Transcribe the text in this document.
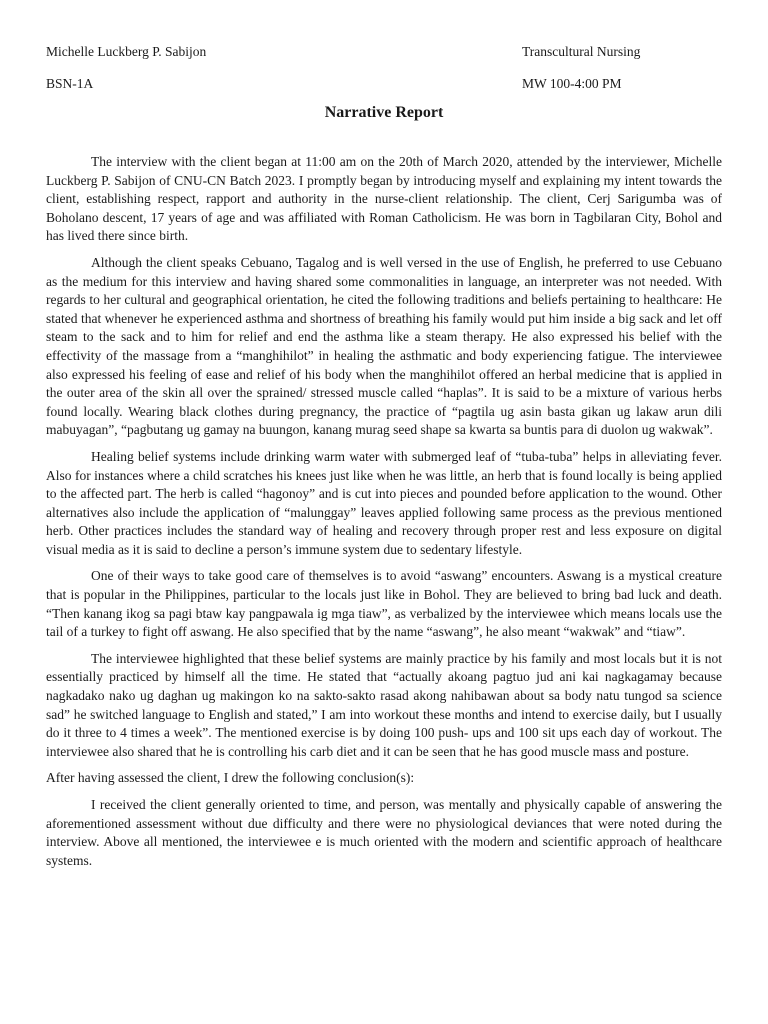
Michelle Luckberg P. Sabijon	Transcultural Nursing
BSN-1A	MW 100-4:00 PM
Narrative Report

The interview with the client began at 11:00 am on the 20th of March 2020, attended by the interviewer, Michelle Luckberg P. Sabijon of CNU-CN Batch 2023. I promptly began by introducing myself and explaining my intent towards the client, establishing respect, rapport and authority in the nurse-client relationship. The client, Cerj Sarigumba was of Boholano descent, 17 years of age and was affiliated with Roman Catholicism. He was born in Tagbilaran City, Bohol and has lived there since birth.

Although the client speaks Cebuano, Tagalog and is well versed in the use of English, he preferred to use Cebuano as the medium for this interview and having shared some commonalities in language, an interpreter was not needed. With regards to her cultural and geographical orientation, he cited the following traditions and beliefs pertaining to healthcare: He stated that whenever he experienced asthma and shortness of breathing his family would put him inside a big sack and let off steam to the sack and to him for relief and end the asthma like a steam therapy. He also expressed his belief with the effectivity of the massage from a “manghihilot” in healing the asthmatic and body experiencing fatigue. The interviewee also expressed his feeling of ease and relief of his body when the manghihilot offered an herbal medicine that is applied in the outer area of the skin all over the sprained/ stressed muscle called “haplas”. It is said to be a mixture of various herbs found locally. Wearing black clothes during pregnancy, the practice of “pagtila ug asin basta gikan ug lakaw arun dili mabuyagan”, “pagbutang ug gamay na buungon, kanang murag seed shape sa kwarta sa buntis para di duolon ug wakwak”.

Healing belief systems include drinking warm water with submerged leaf of “tuba-tuba” helps in alleviating fever. Also for instances where a child scratches his knees just like when he was little, an herb that is found locally is being applied to the affected part. The herb is called “hagonoy” and is cut into pieces and pounded before application to the wound. Other alternatives also include the application of “malunggay” leaves applied following same process as the previous mentioned herb. Other practices includes the standard way of healing and recovery through proper rest and less exposure on digital visual media as it is said to decline a person’s immune system due to sedentary lifestyle.

One of their ways to take good care of themselves is to avoid “aswang” encounters. Aswang is a mystical creature that is popular in the Philippines, particular to the locals just like in Bohol. They are believed to bring bad luck and death. “Then kanang ikog sa pagi btaw kay pangpawala ig mga tiaw”, as verbalized by the interviewee which means locals use the tail of a turkey to fight off aswang. He also specified that by the name “aswang”, he also meant “wakwak” and “tiaw”.

The interviewee highlighted that these belief systems are mainly practice by his family and most locals but it is not essentially practiced by himself all the time. He stated that “actually akoang pagtuo jud ani kai nagkagamay because nagkadako nako ug daghan ug makingon ko na sakto-sakto rasad akong nahibawan about sa body natu tungod sa science sad” he switched language to English and stated,” I am into workout these months and intend to exercise daily, but I usually do it three to 4 times a week”. The mentioned exercise is by doing 100 push- ups and 100 sit ups each day of workout. The interviewee also shared that he is controlling his carb diet and it can be seen that he has good muscle mass and posture.

After having assessed the client, I drew the following conclusion(s):

I received the client generally oriented to time, and person, was mentally and physically capable of answering the aforementioned assessment without due difficulty and there were no physiological deviances that were noted during the interview. Above all mentioned, the interviewee e is much oriented with the modern and scientific approach of healthcare systems.
